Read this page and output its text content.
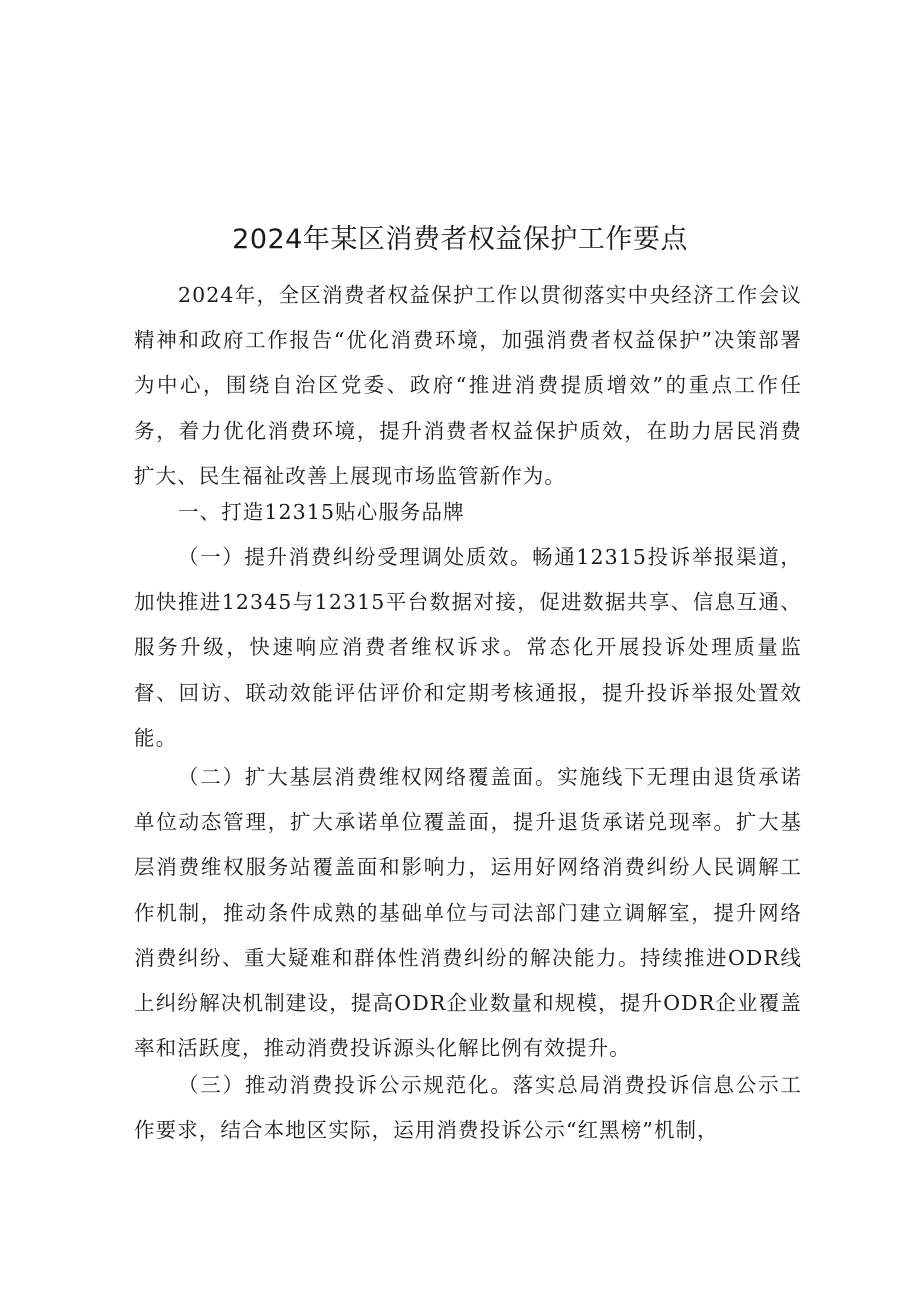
2024年某区消费者权益保护工作要点

2024年，全区消费者权益保护工作以贯彻落实中央经济工作会议精神和政府工作报告“优化消费环境，加强消费者权益保护”决策部署为中心，围绕自治区党委、政府“推进消费提质增效”的重点工作任务，着力优化消费环境，提升消费者权益保护质效，在助力居民消费扩大、民生福祉改善上展现市场监管新作为。

一、打造12315贴心服务品牌

（一）提升消费纠纷受理调处质效。畅通12315投诉举报渠道，加快推进12345与12315平台数据对接，促进数据共享、信息互通、服务升级，快速响应消费者维权诉求。常态化开展投诉处理质量监督、回访、联动效能评估评价和定期考核通报，提升投诉举报处置效能。

（二）扩大基层消费维权网络覆盖面。实施线下无理由退货承诺单位动态管理，扩大承诺单位覆盖面，提升退货承诺兑现率。扩大基层消费维权服务站覆盖面和影响力，运用好网络消费纠纷人民调解工作机制，推动条件成熟的基础单位与司法部门建立调解室，提升网络消费纠纷、重大疑难和群体性消费纠纷的解决能力。持续推进ODR线上纠纷解决机制建设，提高ODR企业数量和规模，提升ODR企业覆盖率和活跃度，推动消费投诉源头化解比例有效提升。

（三）推动消费投诉公示规范化。落实总局消费投诉信息公示工作要求，结合本地区实际，运用消费投诉公示“红黑榜”机制，
